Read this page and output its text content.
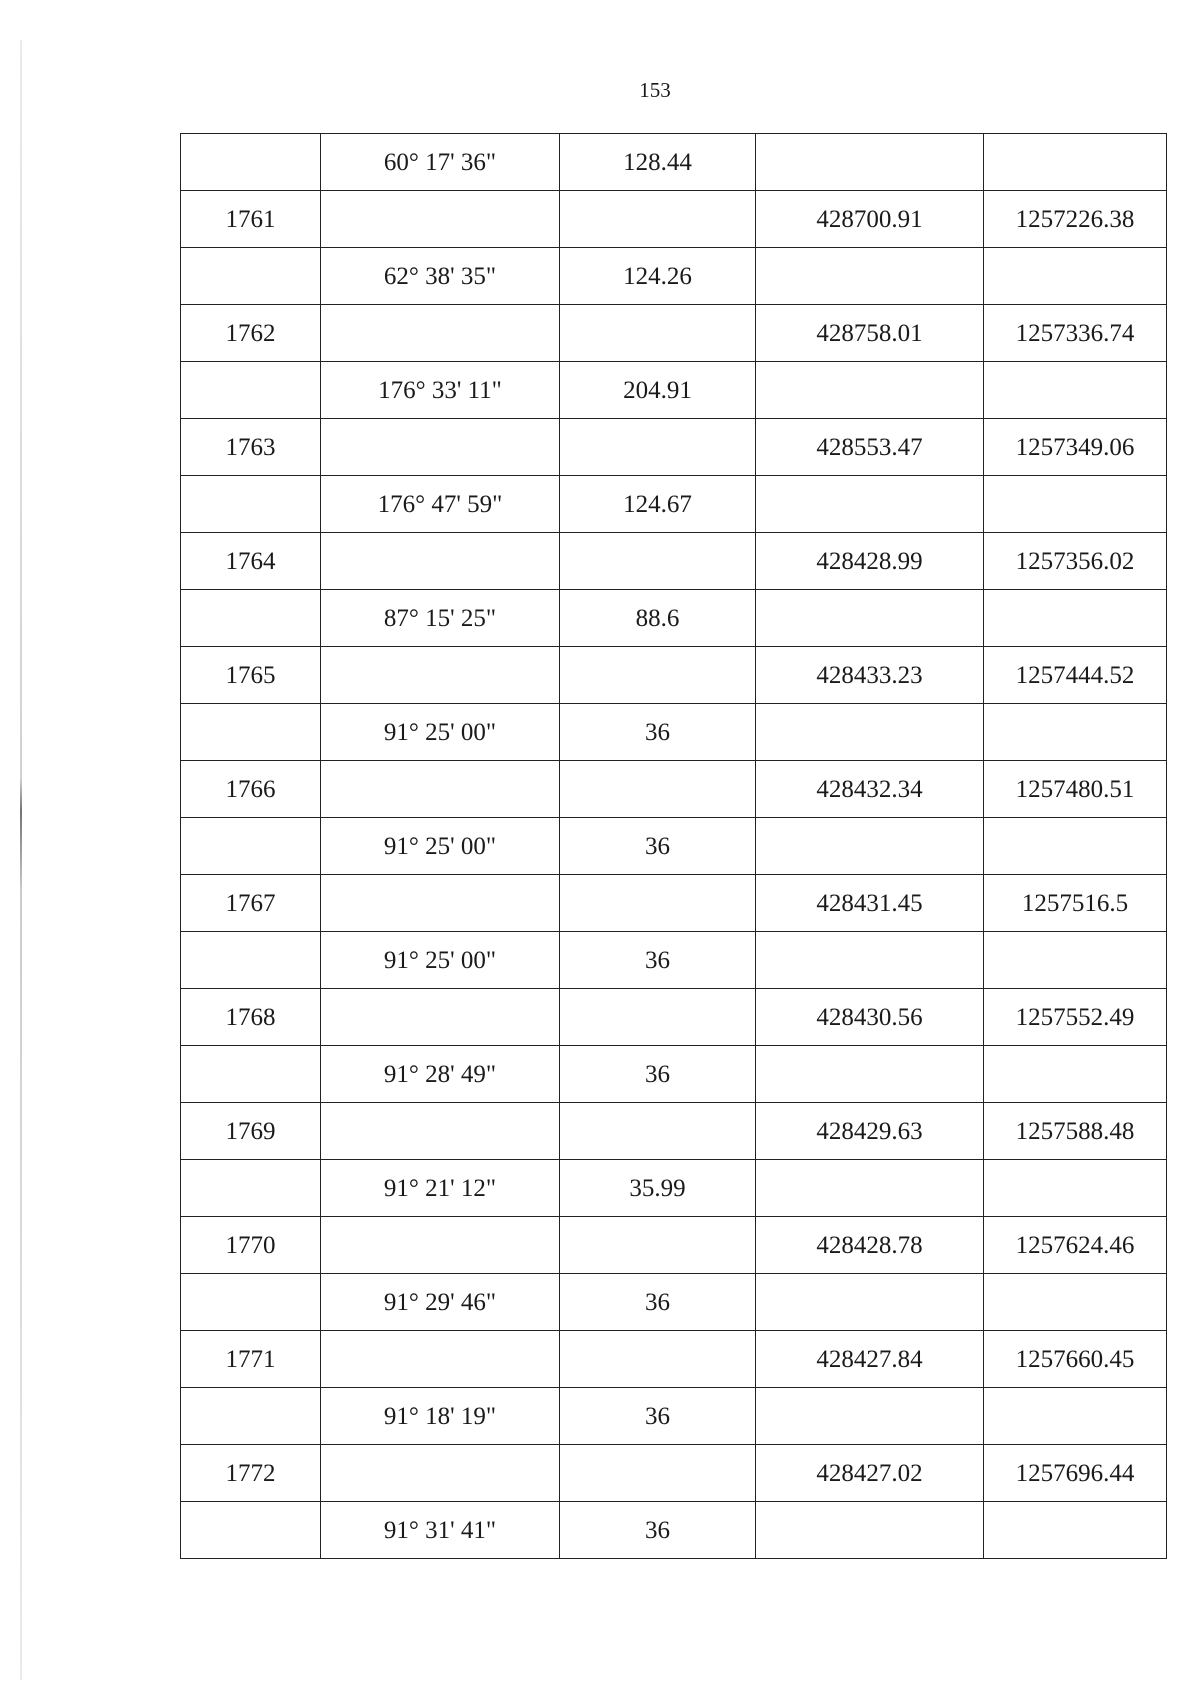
153
	60° 17' 36"	128.44		
1761			428700.91	1257226.38
	62° 38' 35"	124.26		
1762			428758.01	1257336.74
	176° 33' 11"	204.91		
1763			428553.47	1257349.06
	176° 47' 59"	124.67		
1764			428428.99	1257356.02
	87° 15' 25"	88.6		
1765			428433.23	1257444.52
	91° 25' 00"	36		
1766			428432.34	1257480.51
	91° 25' 00"	36		
1767			428431.45	1257516.5
	91° 25' 00"	36		
1768			428430.56	1257552.49
	91° 28' 49"	36		
1769			428429.63	1257588.48
	91° 21' 12"	35.99		
1770			428428.78	1257624.46
	91° 29' 46"	36		
1771			428427.84	1257660.45
	91° 18' 19"	36		
1772			428427.02	1257696.44
	91° 31' 41"	36		
